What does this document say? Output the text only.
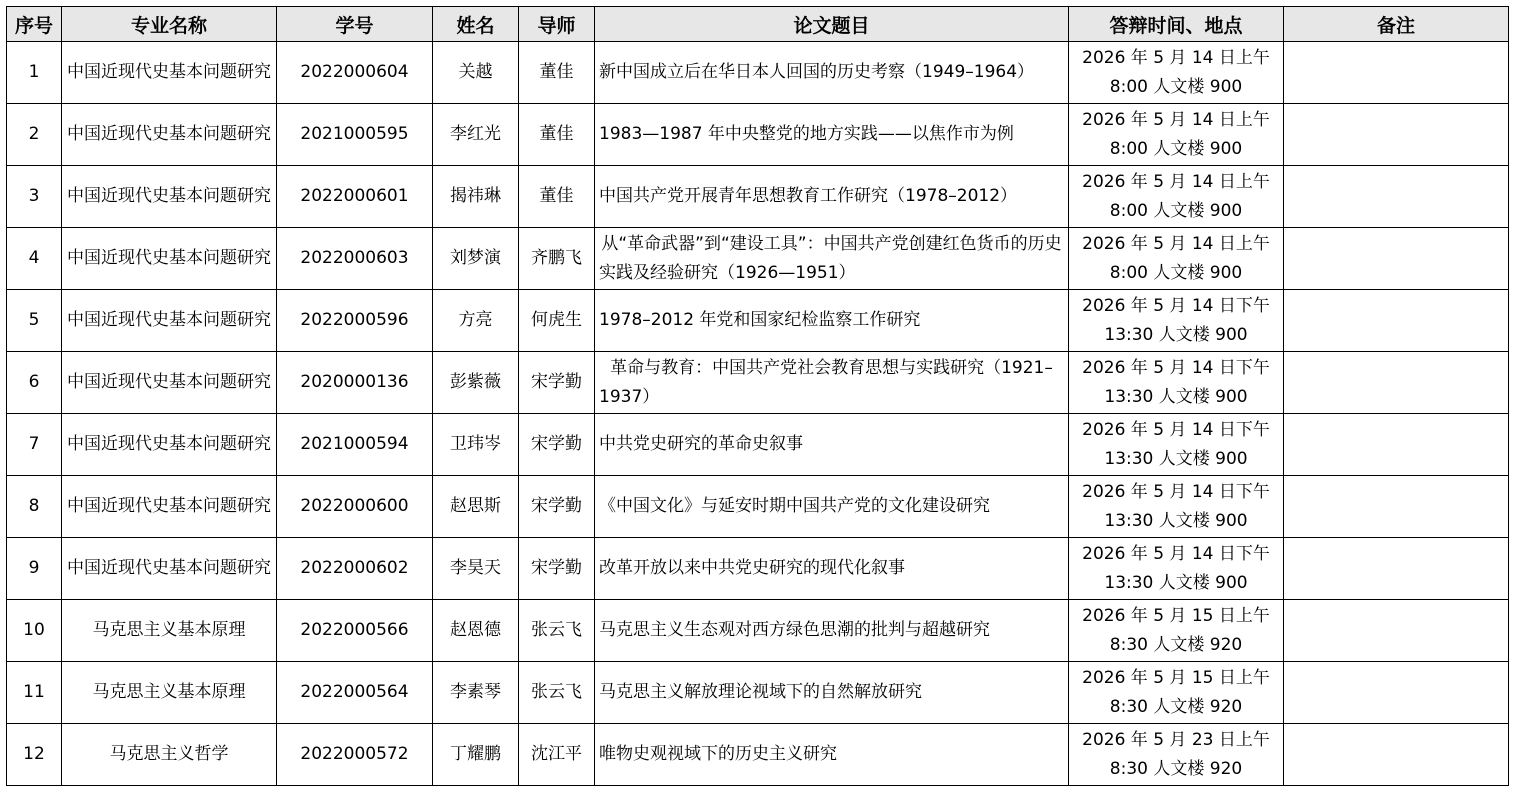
序号	专业名称	学号	姓名	导师	论文题目	答辩时间、地点	备注
1	中国近现代史基本问题研究	2022000604	关越	董佳	新中国成立后在华日本人回国的历史考察（1949–1964）	2026 年 5 月 14 日上午 8:00 人文楼 900	
2	中国近现代史基本问题研究	2021000595	李红光	董佳	1983—1987 年中央整党的地方实践——以焦作市为例	2026 年 5 月 14 日上午 8:00 人文楼 900	
3	中国近现代史基本问题研究	2022000601	揭祎琳	董佳	中国共产党开展青年思想教育工作研究（1978–2012）	2026 年 5 月 14 日上午 8:00 人文楼 900	
4	中国近现代史基本问题研究	2022000603	刘梦演	齐鹏飞	从“革命武器”到“建设工具”：中国共产党创建红色货币的历史实践及经验研究（1926—1951）	2026 年 5 月 14 日上午 8:00 人文楼 900	
5	中国近现代史基本问题研究	2022000596	方亮	何虎生	1978–2012 年党和国家纪检监察工作研究	2026 年 5 月 14 日下午 13:30 人文楼 900	
6	中国近现代史基本问题研究	2020000136	彭紫薇	宋学勤	革命与教育：中国共产党社会教育思想与实践研究（1921–1937）	2026 年 5 月 14 日下午 13:30 人文楼 900	
7	中国近现代史基本问题研究	2021000594	卫玮岑	宋学勤	中共党史研究的革命史叙事	2026 年 5 月 14 日下午 13:30 人文楼 900	
8	中国近现代史基本问题研究	2022000600	赵思斯	宋学勤	《中国文化》与延安时期中国共产党的文化建设研究	2026 年 5 月 14 日下午 13:30 人文楼 900	
9	中国近现代史基本问题研究	2022000602	李昊天	宋学勤	改革开放以来中共党史研究的现代化叙事	2026 年 5 月 14 日下午 13:30 人文楼 900	
10	马克思主义基本原理	2022000566	赵恩德	张云飞	马克思主义生态观对西方绿色思潮的批判与超越研究	2026 年 5 月 15 日上午 8:30 人文楼 920	
11	马克思主义基本原理	2022000564	李素琴	张云飞	马克思主义解放理论视域下的自然解放研究	2026 年 5 月 15 日上午 8:30 人文楼 920	
12	马克思主义哲学	2022000572	丁耀鹏	沈江平	唯物史观视域下的历史主义研究	2026 年 5 月 23 日上午 8:30 人文楼 920	
